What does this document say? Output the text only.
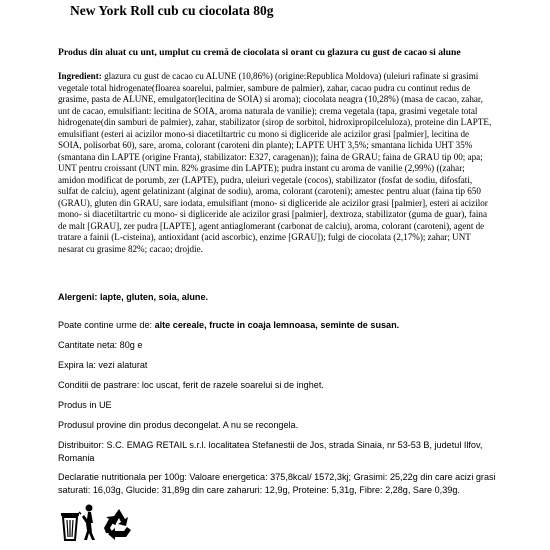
New York Roll cub cu ciocolata 80g
Produs din aluat cu unt, umplut cu cremă de ciocolata si orant cu glazura cu gust de cacao si alune
Ingredient: glazura cu gust de cacao cu ALUNE (10,86%) (origine:Republica Moldova) (uleiuri rafinate si grasimi vegetale total hidrogenate(floarea soarelui, palmier, sambure de palmier), zahar, cacao pudra cu continut redus de grasime, pasta de ALUNE, emulgator(lecitina de SOIA) si aroma); ciocolata neagra (10,28%) (masa de cacao, zahar, unt de cacao, emulsifiant: lecitina de SOIA, aroma naturala de vanilie); crema vegetala (tapa, grasimi vegetale total hidrogenate(din samburi de palmier), zahar, stabilizator (sirop de sorbitol, hidroxipropilceluloza), proteine din LAPTE, emulsifiant (esteri ai acizilor mono-si diacetiltartric cu mono si digliceride ale acizilor grasi [palmier], lecitina de SOIA, polisorbat 60), sare, aroma, colorant (caroteni din plante); LAPTE UHT 3,5%; smantana lichida UHT 35% (smantana din LAPTE (origine Franta), stabilizator: E327, caragenan)); faina de GRAU; faina de GRAU tip 00; apa; UNT pentru croissant (UNT min. 82% grasime din LAPTE); pudra instant cu aroma de vanilie (2,99%) ((zahar; amidon modificat de porumb, zer (LAPTE), pudra, uleiuri vegetale (cocos), stabilizator (fosfat de sodiu, difosfati, sulfat de calciu), agent gelatinizant (alginat de sodiu), aroma, colorant (caroteni); amestec pentru aluat (faina tip 650 (GRAU), gluten din GRAU, sare iodata, emulsifiant (mono- si digliceride ale acizilor grasi [palmier], esteri ai acizilor mono- si diacetiltartric cu mono- si digliceride ale acizilor grasi [palmier], dextroza, stabilizator (guma de guar), faina de malt [GRAU], zer pudra [LAPTE], agent antiaglomerant (carbonat de calciu), aroma, colorant (caroteni), agent de tratare a fainii (L-cisteina), antioxidant (acid ascorbic), enzime [GRAU]); fulgi de ciocolata (2,17%); zahar; UNT nesarat cu grasime 82%; cacao; drojdie.
Alergeni: lapte, gluten, soia, alune.
Poate contine urme de: alte cereale, fructe in coaja lemnoasa, seminte de susan.
Cantitate neta: 80g e
Expira la: vezi alaturat
Conditii de pastrare: loc uscat, ferit de razele soarelui si de inghet.
Produs in UE
Produsul provine din produs decongelat. A nu se recongela.
Distribuitor: S.C. EMAG RETAIL s.r.l. localitatea Stefanestii de Jos, strada Sinaia, nr 53-53 B, judetul Ilfov, Romania
Declaratie nutritionala per 100g: Valoare energetica: 375,8kcal/ 1572,3kj; Grasimi: 25,22g din care acizi grasi saturati: 16,03g, Glucide: 31,89g din care zaharuri: 12,9g, Proteine: 5,31g, Fibre: 2,28g, Sare 0,39g.
